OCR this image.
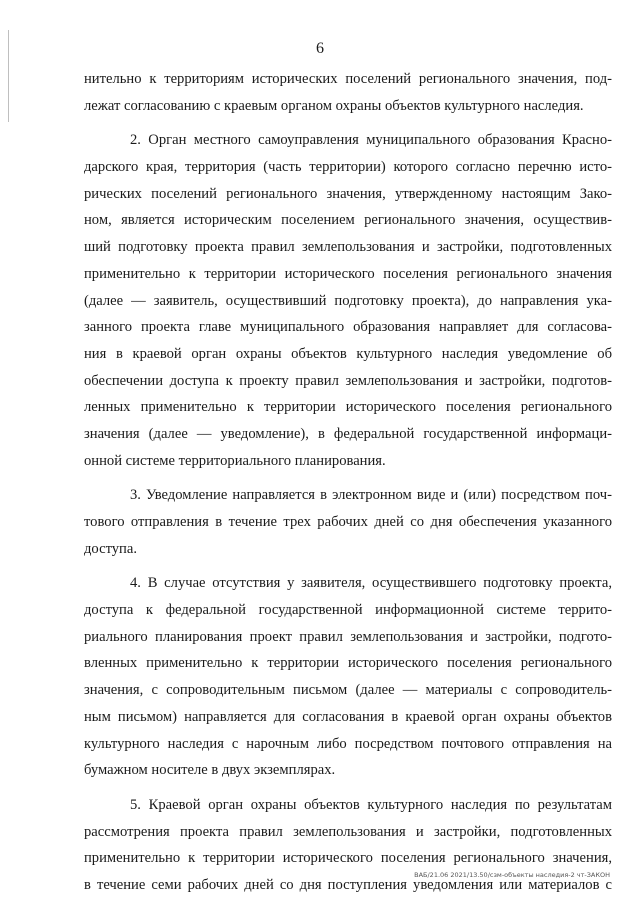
6
нительно к территориям исторических поселений регионального значения, под-
лежат согласованию с краевым органом охраны объектов культурного наследия.
2. Орган местного самоуправления муниципального образования Красно-
дарского края, территория (часть территории) которого согласно перечню исто-
рических поселений регионального значения, утвержденному настоящим Зако-
ном, является историческим поселением регионального значения, осуществив-
ший подготовку проекта правил землепользования и застройки, подготовленных
применительно к территории исторического поселения регионального значения
(далее — заявитель, осуществивший подготовку проекта), до направления ука-
занного проекта главе муниципального образования направляет для согласова-
ния в краевой орган охраны объектов культурного наследия уведомление об
обеспечении доступа к проекту правил землепользования и застройки, подготов-
ленных применительно к территории исторического поселения регионального
значения (далее — уведомление), в федеральной государственной информаци-
онной системе территориального планирования.
3. Уведомление направляется в электронном виде и (или) посредством поч-
тового отправления в течение трех рабочих дней со дня обеспечения указанного
доступа.
4. В случае отсутствия у заявителя, осуществившего подготовку проекта,
доступа к федеральной государственной информационной системе террито-
риального планирования проект правил землепользования и застройки, подгото-
вленных применительно к территории исторического поселения регионального
значения, с сопроводительным письмом (далее — материалы с сопроводитель-
ным письмом) направляется для согласования в краевой орган охраны объектов
культурного наследия с нарочным либо посредством почтового отправления на
бумажном носителе в двух экземплярах.
5. Краевой орган охраны объектов культурного наследия по результатам
рассмотрения проекта правил землепользования и застройки, подготовленных
применительно к территории исторического поселения регионального значения,
в течение семи рабочих дней со дня поступления уведомления или материалов с
ВАБ/21.06 2021/13.50/сзм-объекты наследия-2 чт-ЗАКОН
